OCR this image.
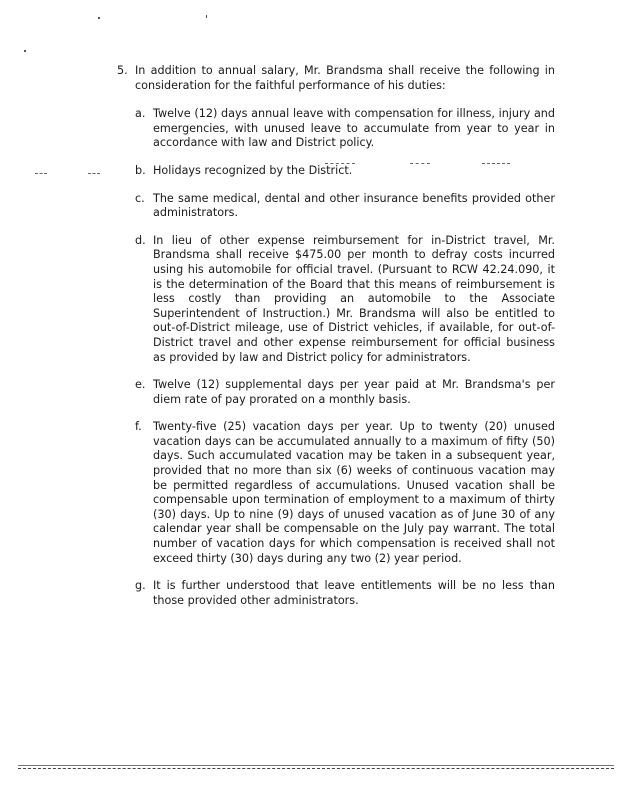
5. In addition to annual salary, Mr. Brandsma shall receive the following in consideration for the faithful performance of his duties:
a. Twelve (12) days annual leave with compensation for illness, injury and emergencies, with unused leave to accumulate from year to year in accordance with law and District policy.
b. Holidays recognized by the District.
c. The same medical, dental and other insurance benefits provided other administrators.
d. In lieu of other expense reimbursement for in-District travel, Mr. Brandsma shall receive $475.00 per month to defray costs incurred using his automobile for official travel. (Pursuant to RCW 42.24.090, it is the determination of the Board that this means of reimbursement is less costly than providing an automobile to the Associate Superintendent of Instruction.) Mr. Brandsma will also be entitled to out-of-District mileage, use of District vehicles, if available, for out-of-District travel and other expense reimbursement for official business as provided by law and District policy for administrators.
e. Twelve (12) supplemental days per year paid at Mr. Brandsma's per diem rate of pay prorated on a monthly basis.
f. Twenty-five (25) vacation days per year. Up to twenty (20) unused vacation days can be accumulated annually to a maximum of fifty (50) days. Such accumulated vacation may be taken in a subsequent year, provided that no more than six (6) weeks of continuous vacation may be permitted regardless of accumulations. Unused vacation shall be compensable upon termination of employment to a maximum of thirty (30) days. Up to nine (9) days of unused vacation as of June 30 of any calendar year shall be compensable on the July pay warrant. The total number of vacation days for which compensation is received shall not exceed thirty (30) days during any two (2) year period.
g. It is further understood that leave entitlements will be no less than those provided other administrators.
